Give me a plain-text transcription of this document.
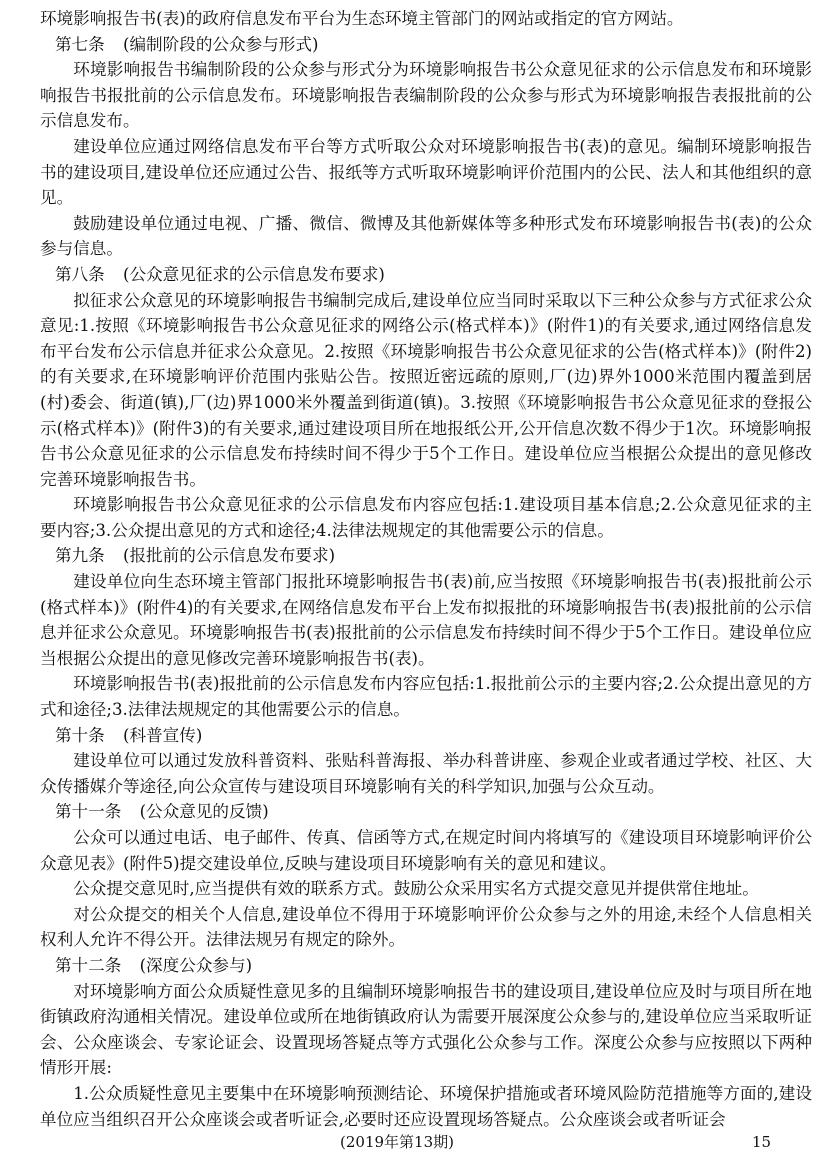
环境影响报告书(表)的政府信息发布平台为生态环境主管部门的网站或指定的官方网站。

第七条 (编制阶段的公众参与形式)

环境影响报告书编制阶段的公众参与形式分为环境影响报告书公众意见征求的公示信息发布和环境影响报告书报批前的公示信息发布。环境影响报告表编制阶段的公众参与形式为环境影响报告表报批前的公示信息发布。

建设单位应通过网络信息发布平台等方式听取公众对环境影响报告书(表)的意见。编制环境影响报告书的建设项目,建设单位还应通过公告、报纸等方式听取环境影响评价范围内的公民、法人和其他组织的意见。

鼓励建设单位通过电视、广播、微信、微博及其他新媒体等多种形式发布环境影响报告书(表)的公众参与信息。

第八条 (公众意见征求的公示信息发布要求)

拟征求公众意见的环境影响报告书编制完成后,建设单位应当同时采取以下三种公众参与方式征求公众意见:1.按照《环境影响报告书公众意见征求的网络公示(格式样本)》(附件1)的有关要求,通过网络信息发布平台发布公示信息并征求公众意见。2.按照《环境影响报告书公众意见征求的公告(格式样本)》(附件2)的有关要求,在环境影响评价范围内张贴公告。按照近密远疏的原则,厂(边)界外1000米范围内覆盖到居(村)委会、街道(镇),厂(边)界1000米外覆盖到街道(镇)。3.按照《环境影响报告书公众意见征求的登报公示(格式样本)》(附件3)的有关要求,通过建设项目所在地报纸公开,公开信息次数不得少于1次。环境影响报告书公众意见征求的公示信息发布持续时间不得少于5个工作日。建设单位应当根据公众提出的意见修改完善环境影响报告书。

环境影响报告书公众意见征求的公示信息发布内容应包括:1.建设项目基本信息;2.公众意见征求的主要内容;3.公众提出意见的方式和途径;4.法律法规规定的其他需要公示的信息。

第九条 (报批前的公示信息发布要求)

建设单位向生态环境主管部门报批环境影响报告书(表)前,应当按照《环境影响报告书(表)报批前公示(格式样本)》(附件4)的有关要求,在网络信息发布平台上发布拟报批的环境影响报告书(表)报批前的公示信息并征求公众意见。环境影响报告书(表)报批前的公示信息发布持续时间不得少于5个工作日。建设单位应当根据公众提出的意见修改完善环境影响报告书(表)。

环境影响报告书(表)报批前的公示信息发布内容应包括:1.报批前公示的主要内容;2.公众提出意见的方式和途径;3.法律法规规定的其他需要公示的信息。

第十条 (科普宣传)

建设单位可以通过发放科普资料、张贴科普海报、举办科普讲座、参观企业或者通过学校、社区、大众传播媒介等途径,向公众宣传与建设项目环境影响有关的科学知识,加强与公众互动。

第十一条 (公众意见的反馈)

公众可以通过电话、电子邮件、传真、信函等方式,在规定时间内将填写的《建设项目环境影响评价公众意见表》(附件5)提交建设单位,反映与建设项目环境影响有关的意见和建议。

公众提交意见时,应当提供有效的联系方式。鼓励公众采用实名方式提交意见并提供常住地址。

对公众提交的相关个人信息,建设单位不得用于环境影响评价公众参与之外的用途,未经个人信息相关权利人允许不得公开。法律法规另有规定的除外。

第十二条 (深度公众参与)

对环境影响方面公众质疑性意见多的且编制环境影响报告书的建设项目,建设单位应及时与项目所在地街镇政府沟通相关情况。建设单位或所在地街镇政府认为需要开展深度公众参与的,建设单位应当采取听证会、公众座谈会、专家论证会、设置现场答疑点等方式强化公众参与工作。深度公众参与应按照以下两种情形开展:

1.公众质疑性意见主要集中在环境影响预测结论、环境保护措施或者环境风险防范措施等方面的,建设单位应当组织召开公众座谈会或者听证会,必要时还应设置现场答疑点。公众座谈会或者听证会

(2019年第13期)	15
